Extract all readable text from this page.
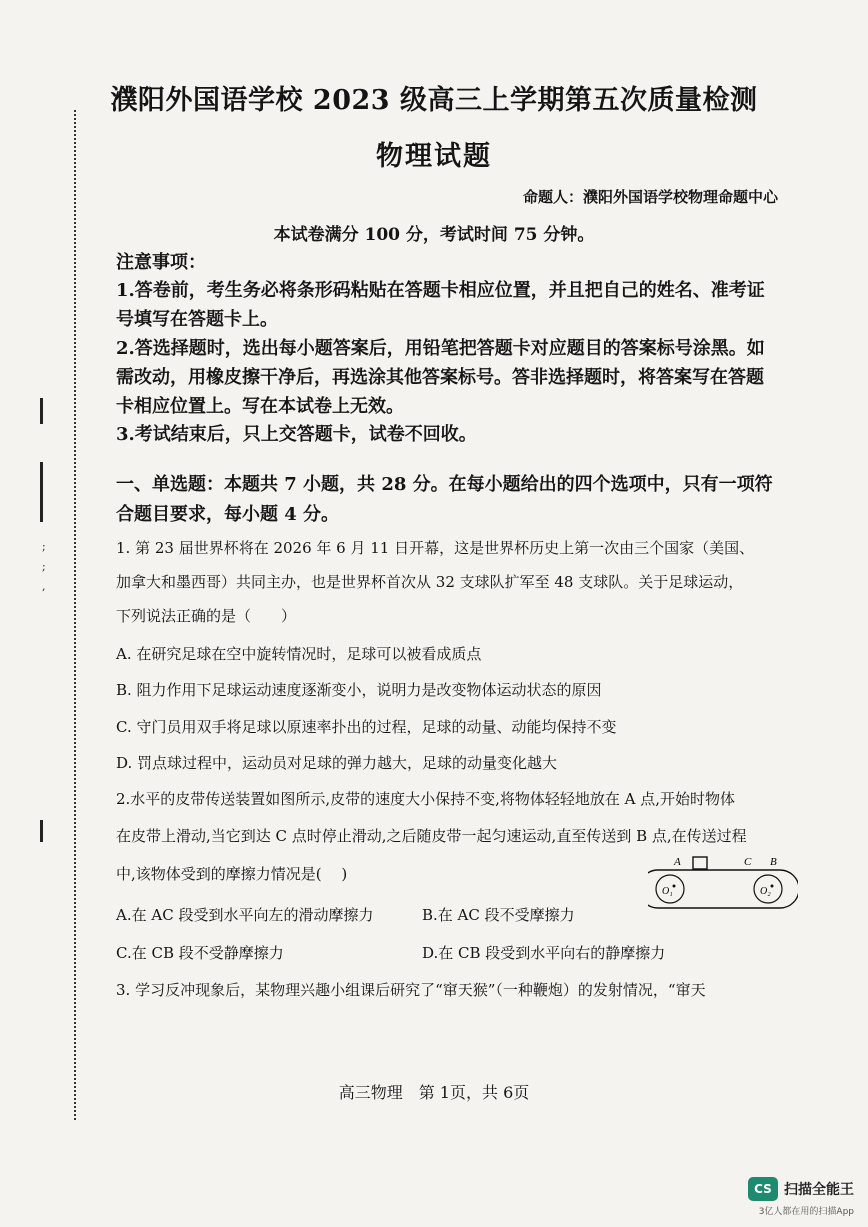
;
;
,
濮阳外国语学校 2023 级高三上学期第五次质量检测
物理试题
命题人：濮阳外国语学校物理命题中心
本试卷满分 100 分，考试时间 75 分钟。
注意事项：
1.答卷前，考生务必将条形码粘贴在答题卡相应位置，并且把自己的姓名、准考证
号填写在答题卡上。
2.答选择题时，选出每小题答案后，用铅笔把答题卡对应题目的答案标号涂黑。如
需改动，用橡皮擦干净后，再选涂其他答案标号。答非选择题时，将答案写在答题
卡相应位置上。写在本试卷上无效。
3.考试结束后，只上交答题卡，试卷不回收。
一、单选题：本题共 7 小题，共 28 分。在每小题给出的四个选项中，只有一项符
合题目要求，每小题 4 分。
1. 第 23 届世界杯将在 2026 年 6 月 11 日开幕，这是世界杯历史上第一次由三个国家（美国、
加拿大和墨西哥）共同主办，也是世界杯首次从 32 支球队扩军至 48 支球队。关于足球运动，
下列说法正确的是（　　）
A. 在研究足球在空中旋转情况时，足球可以被看成质点
B. 阻力作用下足球运动速度逐渐变小，说明力是改变物体运动状态的原因
C. 守门员用双手将足球以原速率扑出的过程，足球的动量、动能均保持不变
D. 罚点球过程中，运动员对足球的弹力越大，足球的动量变化越大
2.水平的皮带传送装置如图所示,皮带的速度大小保持不变,将物体轻轻地放在 A 点,开始时物体
在皮带上滑动,当它到达 C 点时停止滑动,之后随皮带一起匀速运动,直至传送到 B 点,在传送过程
中,该物体受到的摩擦力情况是(　 )
A	C B
O₁	O₂
A.在 AC 段受到水平向左的滑动摩擦力	B.在 AC 段不受摩擦力
C.在 CB 段不受静摩擦力	D.在 CB 段受到水平向右的静摩擦力
3. 学习反冲现象后，某物理兴趣小组课后研究了“窜天猴”（一种鞭炮）的发射情况，“窜天
高三物理　第 1页，共 6页
CS 扫描全能王
3亿人都在用的扫描App
